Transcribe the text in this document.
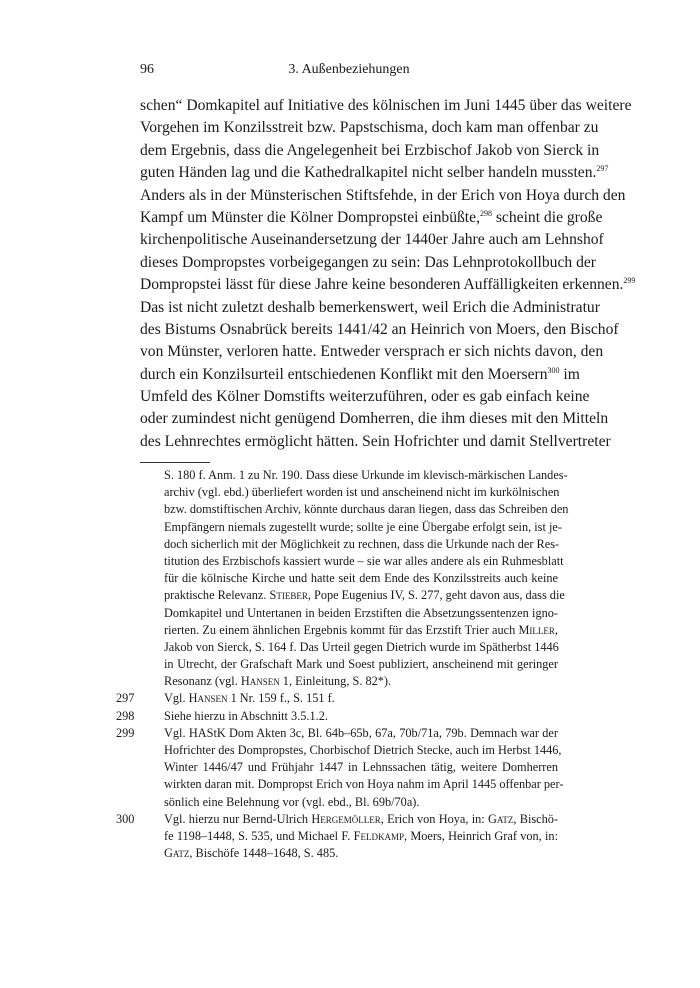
96	3. Außenbeziehungen
schen“ Domkapitel auf Initiative des kölnischen im Juni 1445 über das weitere
Vorgehen im Konzilsstreit bzw. Papstschisma, doch kam man offenbar zu
dem Ergebnis, dass die Angelegenheit bei Erzbischof Jakob von Sierck in
guten Händen lag und die Kathedralkapitel nicht selber handeln mussten.$^{297}$
Anders als in der Münsterischen Stiftsfehde, in der Erich von Hoya durch den
Kampf um Münster die Kölner Dompropstei einbüßte,$^{298}$ scheint die große
kirchenpolitische Auseinandersetzung der 1440er Jahre auch am Lehnshof
dieses Dompropstes vorbeigegangen zu sein: Das Lehnprotokollbuch der
Dompropstei lässt für diese Jahre keine besonderen Auffälligkeiten erkennen.$^{299}$
Das ist nicht zuletzt deshalb bemerkenswert, weil Erich die Administratur
des Bistums Osnabrück bereits 1441/42 an Heinrich von Moers, den Bischof
von Münster, verloren hatte. Entweder versprach er sich nichts davon, den
durch ein Konzilsurteil entschiedenen Konflikt mit den Moersern$^{300}$ im
Umfeld des Kölner Domstifts weiterzuführen, oder es gab einfach keine
oder zumindest nicht genügend Domherren, die ihm dieses mit den Mitteln
des Lehnrechtes ermöglicht hätten. Sein Hofrichter und damit Stellvertreter
S. 180 f. Anm. 1 zu Nr. 190. Dass diese Urkunde im klevisch-märkischen Landes-
archiv (vgl. ebd.) überliefert worden ist und anscheinend nicht im kurkölnischen
bzw. domstiftischen Archiv, könnte durchaus daran liegen, dass das Schreiben den
Empfängern niemals zugestellt wurde; sollte je eine Übergabe erfolgt sein, ist je-
doch sicherlich mit der Möglichkeit zu rechnen, dass die Urkunde nach der Res-
titution des Erzbischofs kassiert wurde – sie war alles andere als ein Ruhmesblatt
für die kölnische Kirche und hatte seit dem Ende des Konzilsstreits auch keine
praktische Relevanz. Stieber, Pope Eugenius IV, S. 277, geht davon aus, dass die
Domkapitel und Untertanen in beiden Erzstiften die Absetzungssentenzen igno-
rierten. Zu einem ähnlichen Ergebnis kommt für das Erzstift Trier auch Miller,
Jakob von Sierck, S. 164 f. Das Urteil gegen Dietrich wurde im Spätherbst 1446
in Utrecht, der Grafschaft Mark und Soest publiziert, anscheinend mit geringer
Resonanz (vgl. Hansen 1, Einleitung, S. 82*).
297	Vgl. Hansen 1 Nr. 159 f., S. 151 f.
298	Siehe hierzu in Abschnitt 3.5.1.2.
299	Vgl. HAStK Dom Akten 3c, Bl. 64b–65b, 67a, 70b/71a, 79b. Demnach war der
Hofrichter des Dompropstes, Chorbischof Dietrich Stecke, auch im Herbst 1446,
Winter 1446/47 und Frühjahr 1447 in Lehnssachen tätig, weitere Domherren
wirkten daran mit. Dompropst Erich von Hoya nahm im April 1445 offenbar per-
sönlich eine Belehnung vor (vgl. ebd., Bl. 69b/70a).
300	Vgl. hierzu nur Bernd-Ulrich Hergemöller, Erich von Hoya, in: Gatz, Bischö-
fe 1198–1448, S. 535, und Michael F. Feldkamp, Moers, Heinrich Graf von, in:
Gatz, Bischöfe 1448–1648, S. 485.
